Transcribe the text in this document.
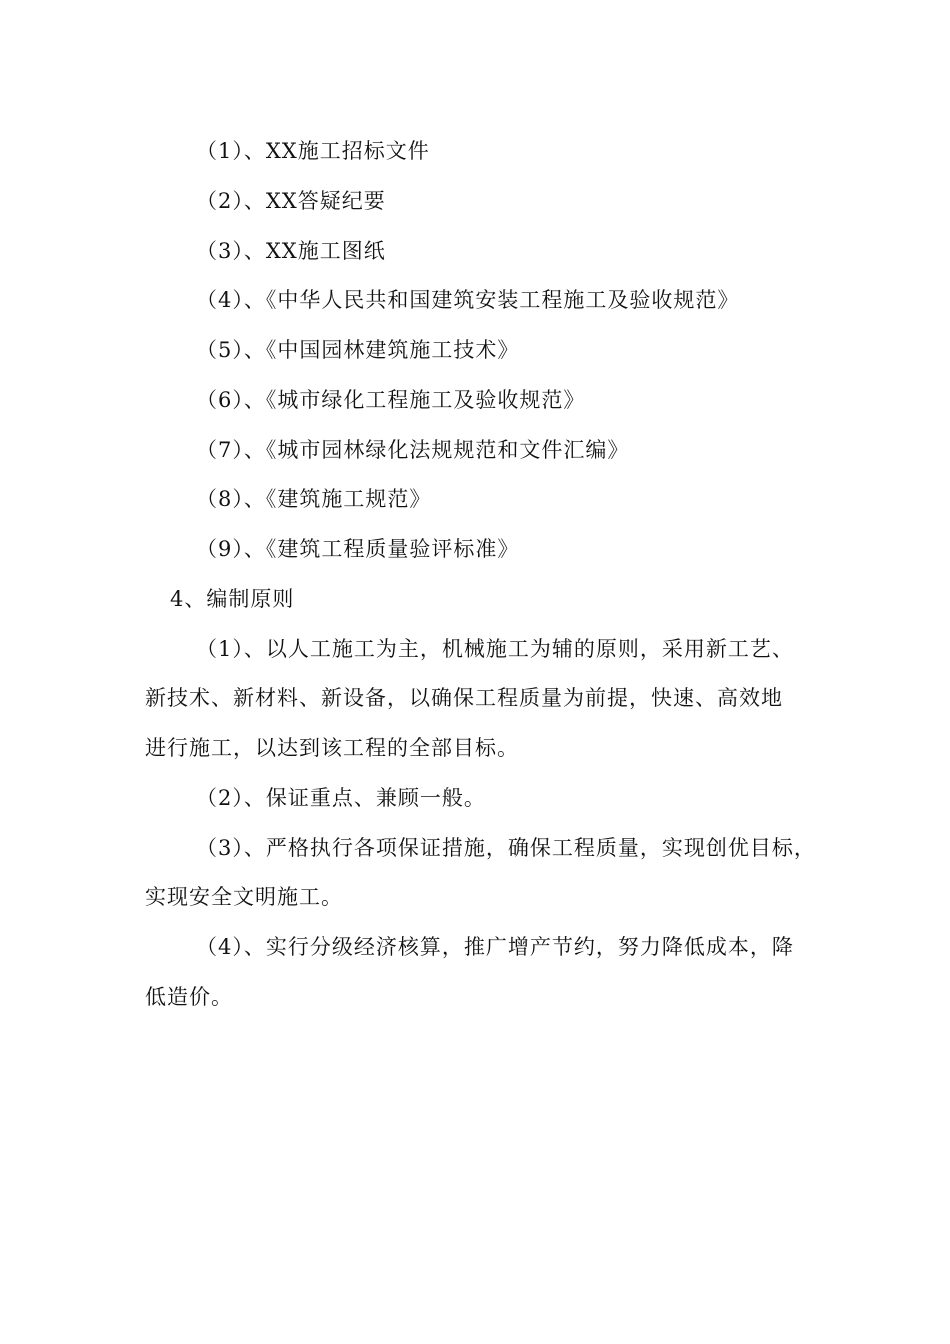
（1）、XX施工招标文件

（2）、XX答疑纪要

（3）、XX施工图纸

（4）、《中华人民共和国建筑安装工程施工及验收规范》

（5）、《中国园林建筑施工技术》

（6）、《城市绿化工程施工及验收规范》

（7）、《城市园林绿化法规规范和文件汇编》

（8）、《建筑施工规范》

（9）、《建筑工程质量验评标准》

4、编制原则

（1）、以人工施工为主，机械施工为辅的原则，采用新工艺、

新技术、新材料、新设备，以确保工程质量为前提，快速、高效地

进行施工，以达到该工程的全部目标。

（2）、保证重点、兼顾一般。

（3）、严格执行各项保证措施，确保工程质量，实现创优目标，

实现安全文明施工。

（4）、实行分级经济核算，推广增产节约，努力降低成本，降

低造价。
